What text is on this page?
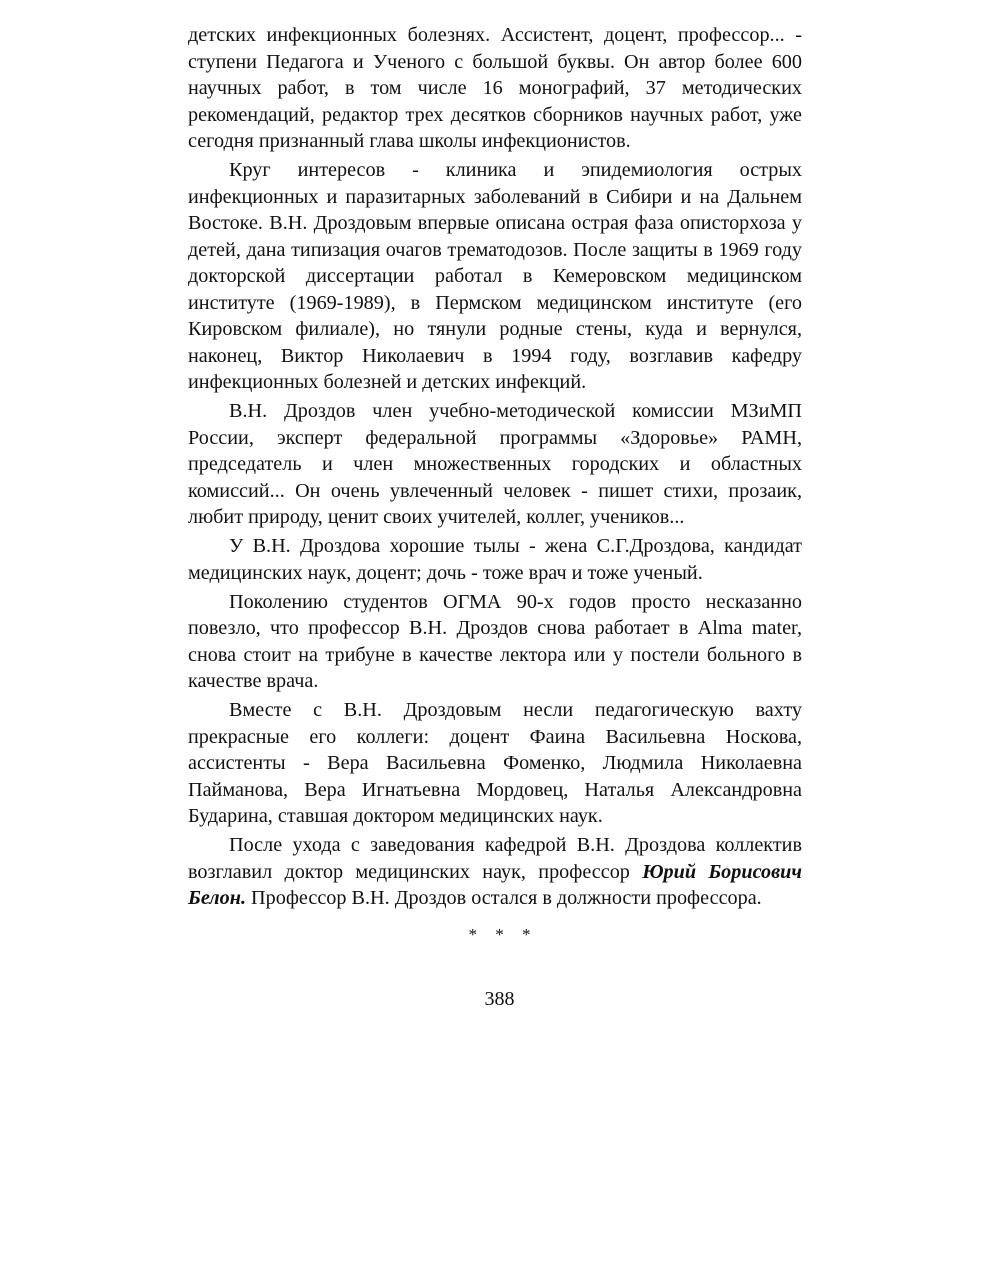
детских инфекционных болезнях. Ассистент, доцент, профессор... - ступени Педагога и Ученого с большой буквы. Он автор более 600 научных работ, в том числе 16 монографий, 37 методических рекомендаций, редактор трех десятков сборников научных работ, уже сегодня признанный глава школы инфекционистов.

Круг интересов - клиника и эпидемиология острых инфекционных и паразитарных заболеваний в Сибири и на Дальнем Востоке. В.Н. Дроздовым впервые описана острая фаза описторхоза у детей, дана типизация очагов трематодозов. После защиты в 1969 году докторской диссертации работал в Кемеровском медицинском институте (1969-1989), в Пермском медицинском институте (его Кировском филиале), но тянули родные стены, куда и вернулся, наконец, Виктор Николаевич в 1994 году, возглавив кафедру инфекционных болезней и детских инфекций.

В.Н. Дроздов член учебно-методической комиссии МЗиМП России, эксперт федеральной программы «Здоровье» РАМН, председатель и член множественных городских и областных комиссий... Он очень увлеченный человек - пишет стихи, прозаик, любит природу, ценит своих учителей, коллег, учеников...

У В.Н. Дроздова хорошие тылы - жена С.Г.Дроздова, кандидат медицинских наук, доцент; дочь - тоже врач и тоже ученый.

Поколению студентов ОГМА 90-х годов просто несказанно повезло, что профессор В.Н. Дроздов снова работает в Alma mater, снова стоит на трибуне в качестве лектора или у постели больного в качестве врача.

Вместе с В.Н. Дроздовым несли педагогическую вахту прекрасные его коллеги: доцент Фаина Васильевна Носкова, ассистенты - Вера Васильевна Фоменко, Людмила Николаевна Пайманова, Вера Игнатьевна Мордовец, Наталья Александровна Бударина, ставшая доктором медицинских наук.

После ухода с заведования кафедрой В.Н. Дроздова коллектив возглавил доктор медицинских наук, профессор Юрий Борисович Белон. Профессор В.Н. Дроздов остался в должности профессора.

* * *
388
